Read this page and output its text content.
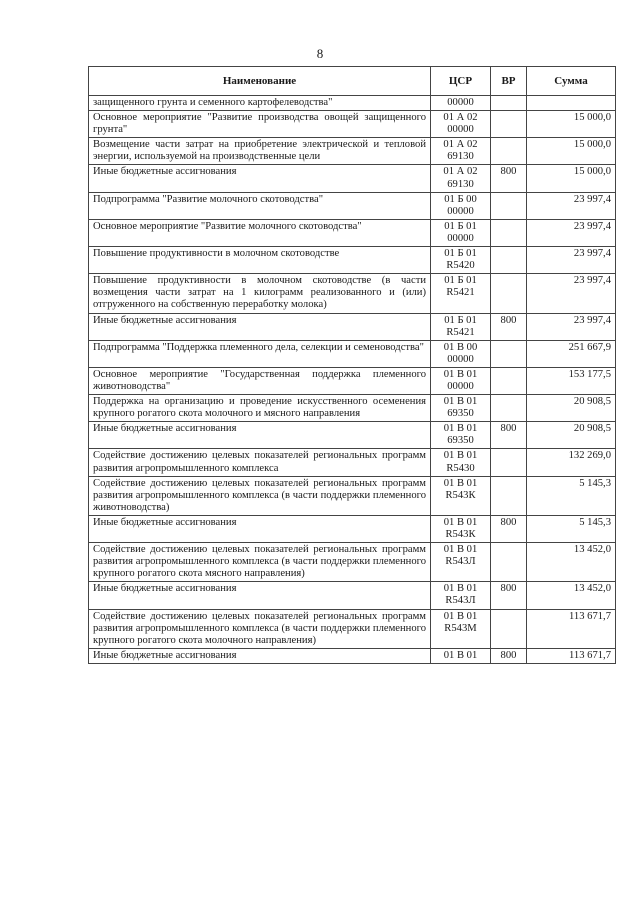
8
Наименование	ЦСР	ВР	Сумма
защищенного грунта и семенного картофелеводства"	00000		
Основное мероприятие "Развитие производства овощей защищенного грунта"	01 А 02 00000		15 000,0
Возмещение части затрат на приобретение электрической и тепловой энергии, используемой на производственные цели	01 А 02 69130		15 000,0
Иные бюджетные ассигнования	01 А 02 69130	800	15 000,0
Подпрограмма "Развитие молочного скотоводства"	01 Б 00 00000		23 997,4
Основное мероприятие "Развитие молочного скотоводства"	01 Б 01 00000		23 997,4
Повышение продуктивности в молочном скотоводстве	01 Б 01 R5420		23 997,4
Повышение продуктивности в молочном скотоводстве (в части возмещения части затрат на 1 килограмм реализованного и (или) отгруженного на собственную переработку молока)	01 Б 01 R5421		23 997,4
Иные бюджетные ассигнования	01 Б 01 R5421	800	23 997,4
Подпрограмма "Поддержка племенного дела, селекции и семеноводства"	01 В 00 00000		251 667,9
Основное мероприятие "Государственная поддержка племенного животноводства"	01 В 01 00000		153 177,5
Поддержка на организацию и проведение искусственного осеменения крупного рогатого скота молочного и мясного направления	01 В 01 69350		20 908,5
Иные бюджетные ассигнования	01 В 01 69350	800	20 908,5
Содействие достижению целевых показателей региональных программ развития агропромышленного комплекса	01 В 01 R5430		132 269,0
Содействие достижению целевых показателей региональных программ развития агропромышленного комплекса (в части поддержки племенного животноводства)	01 В 01 R543К		5 145,3
Иные бюджетные ассигнования	01 В 01 R543К	800	5 145,3
Содействие достижению целевых показателей региональных программ развития агропромышленного комплекса (в части поддержки племенного крупного рогатого скота мясного направления)	01 В 01 R543Л		13 452,0
Иные бюджетные ассигнования	01 В 01 R543Л	800	13 452,0
Содействие достижению целевых показателей региональных программ развития агропромышленного комплекса (в части поддержки племенного крупного рогатого скота молочного направления)	01 В 01 R543М		113 671,7
Иные бюджетные ассигнования	01 В 01	800	113 671,7
